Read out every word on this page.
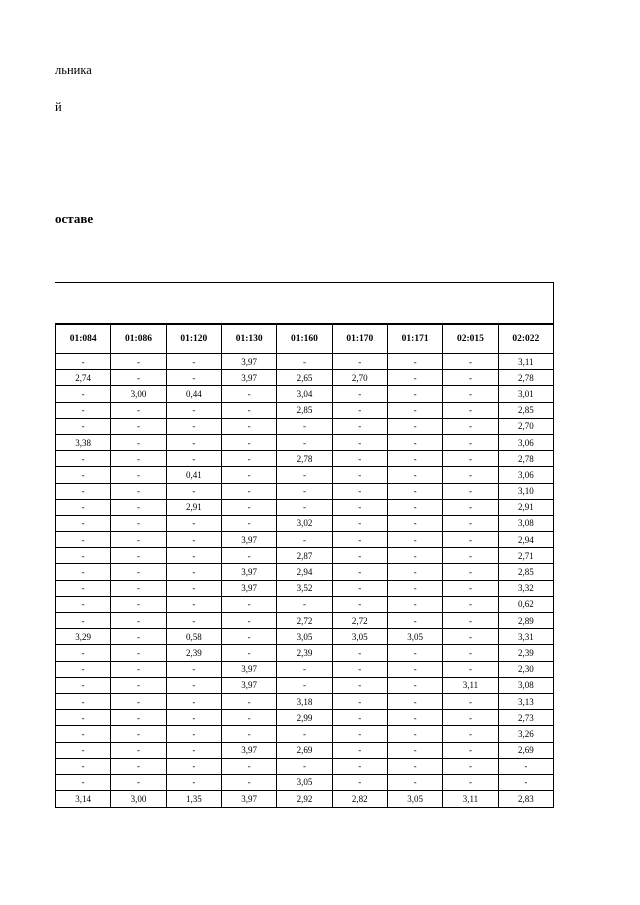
льника
й
оставе
01:084	01:086	01:120	01:130	01:160	01:170	01:171	02:015	02:022
-	-	-	3,97	-	-	-	-	3,11
2,74	-	-	3,97	2,65	2,70	-	-	2,78
-	3,00	0,44	-	3,04	-	-	-	3,01
-	-	-	-	2,85	-	-	-	2,85
-	-	-	-	-	-	-	-	2,70
3,38	-	-	-	-	-	-	-	3,06
-	-	-	-	2,78	-	-	-	2,78
-	-	0,41	-	-	-	-	-	3,06
-	-	-	-	-	-	-	-	3,10
-	-	2,91	-	-	-	-	-	2,91
-	-	-	-	3,02	-	-	-	3,08
-	-	-	3,97	-	-	-	-	2,94
-	-	-	-	2,87	-	-	-	2,71
-	-	-	3,97	2,94	-	-	-	2,85
-	-	-	3,97	3,52	-	-	-	3,32
-	-	-	-	-	-	-	-	0,62
-	-	-	-	2,72	2,72	-	-	2,89
3,29	-	0,58	-	3,05	3,05	3,05	-	3,31
-	-	2,39	-	2,39	-	-	-	2,39
-	-	-	3,97	-	-	-	-	2,30
-	-	-	3,97	-	-	-	3,11	3,08
-	-	-	-	3,18	-	-	-	3,13
-	-	-	-	2,99	-	-	-	2,73
-	-	-	-	-	-	-	-	3,26
-	-	-	3,97	2,69	-	-	-	2,69
-	-	-	-	-	-	-	-	-
-	-	-	-	3,05	-	-	-	-
3,14	3,00	1,35	3,97	2,92	2,82	3,05	3,11	2,83
